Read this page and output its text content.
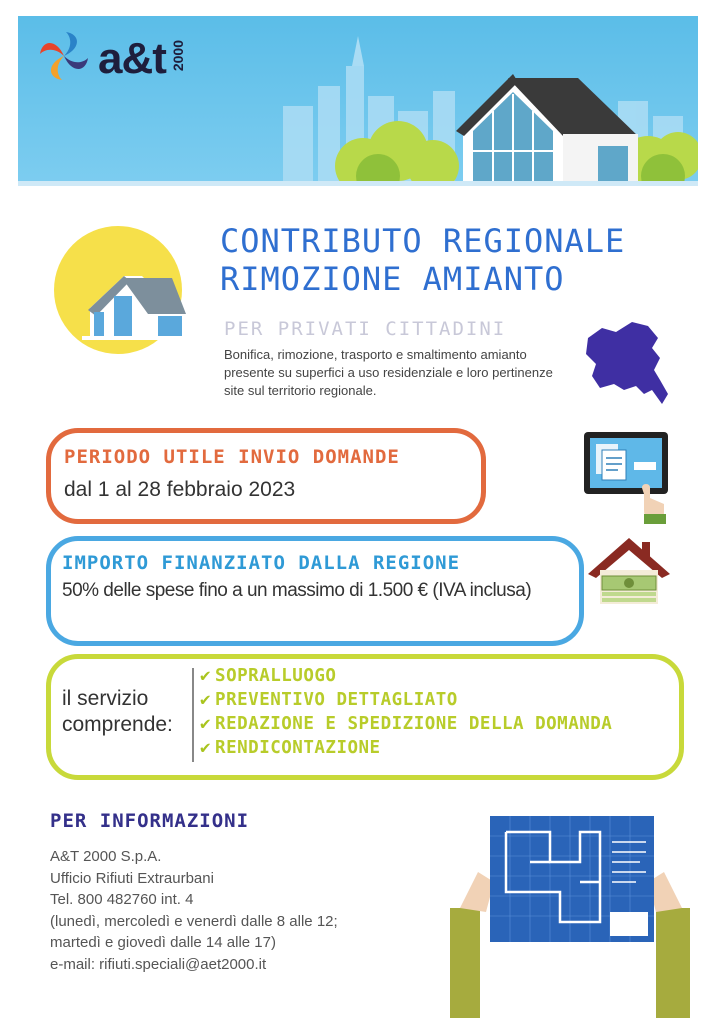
a&t 2000
CONTRIBUTO REGIONALE
RIMOZIONE AMIANTO
PER PRIVATI CITTADINI
Bonifica, rimozione, trasporto e smaltimento amianto
presente su superfici a uso residenziale e loro pertinenze
site sul territorio regionale.
PERIODO UTILE INVIO DOMANDE
dal 1 al 28 febbraio 2023
IMPORTO FINANZIATO DALLA REGIONE
50% delle spese fino a un massimo di 1.500 € (IVA inclusa)
il servizio
comprende:
✔ SOPRALLUOGO
✔ PREVENTIVO DETTAGLIATO
✔ REDAZIONE E SPEDIZIONE DELLA DOMANDA
✔ RENDICONTAZIONE
PER INFORMAZIONI
A&T 2000 S.p.A.
Ufficio Rifiuti Extraurbani
Tel. 800 482760 int. 4
(lunedì, mercoledì e venerdì dalle 8 alle 12;
martedì e giovedì dalle 14 alle 17)
e-mail: rifiuti.speciali@aet2000.it
